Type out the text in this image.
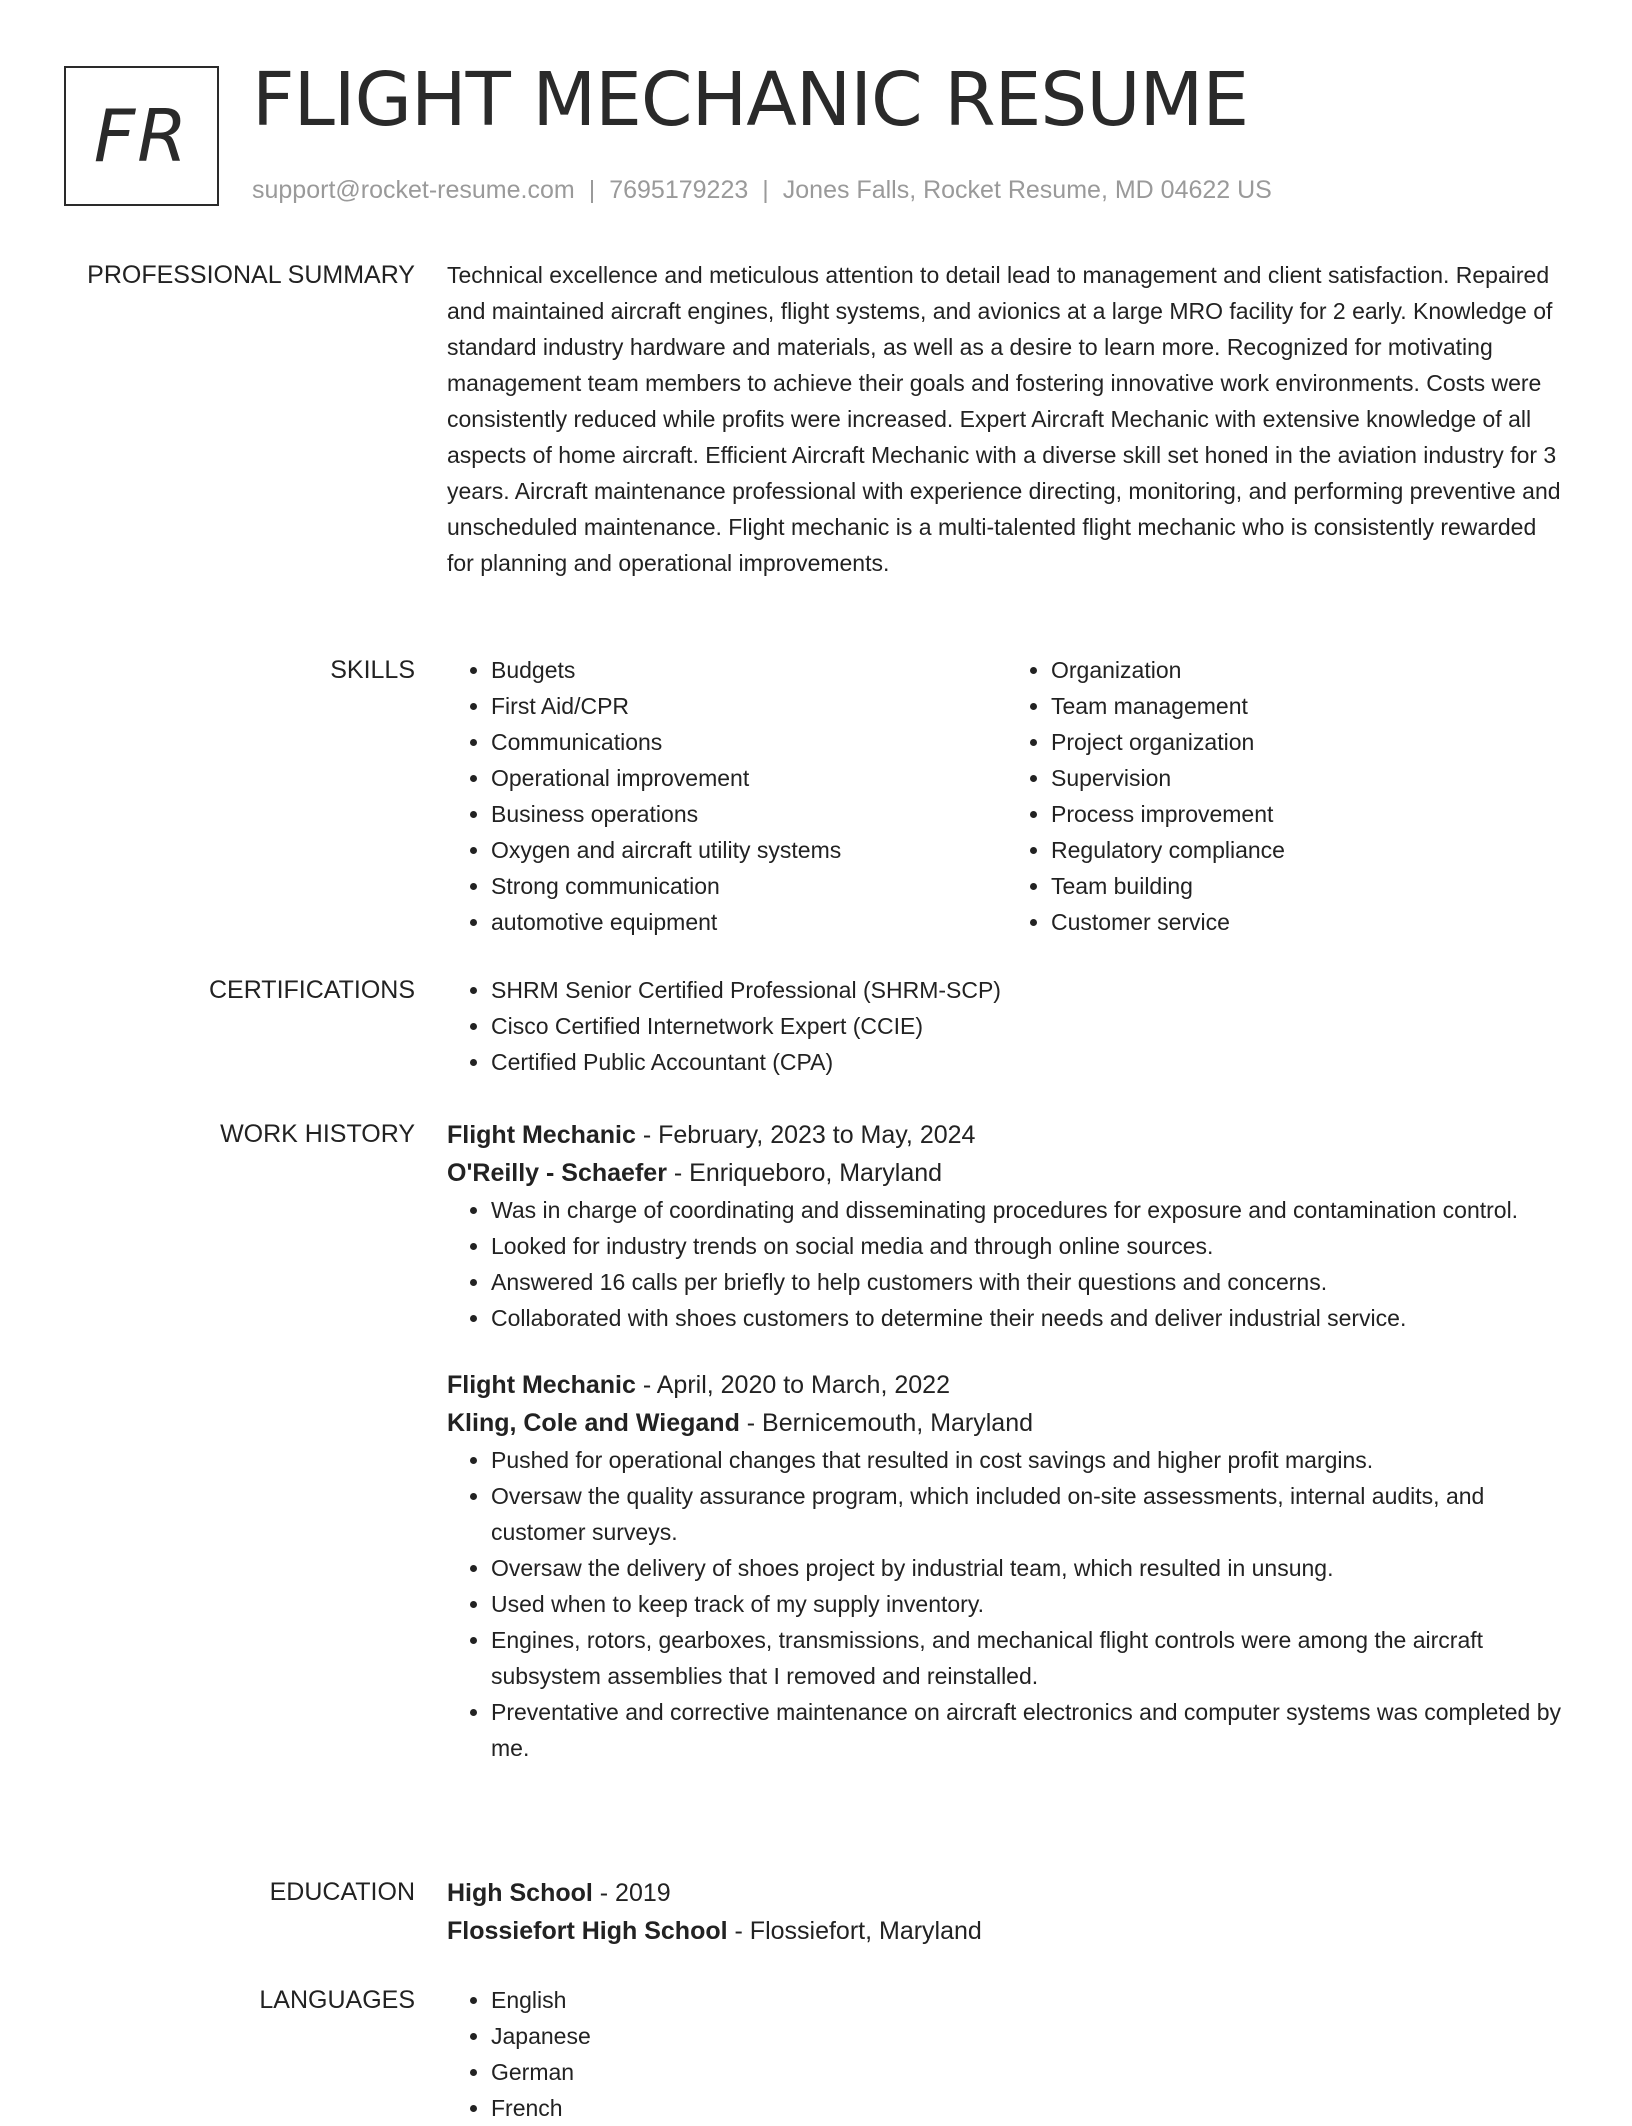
FR FLIGHT MECHANIC RESUME
support@rocket-resume.com | 7695179223 | Jones Falls, Rocket Resume, MD 04622 US
PROFESSIONAL SUMMARY Technical excellence and meticulous attention to detail lead to management and client satisfaction. Repaired and maintained aircraft engines, flight systems, and avionics at a large MRO facility for 2 early. Knowledge of standard industry hardware and materials, as well as a desire to learn more. Recognized for motivating management team members to achieve their goals and fostering innovative work environments. Costs were consistently reduced while profits were increased. Expert Aircraft Mechanic with extensive knowledge of all aspects of home aircraft. Efficient Aircraft Mechanic with a diverse skill set honed in the aviation industry for 3 years. Aircraft maintenance professional with experience directing, monitoring, and performing preventive and unscheduled maintenance. Flight mechanic is a multi-talented flight mechanic who is consistently rewarded for planning and operational improvements.

SKILLS	• Budgets
• First Aid/CPR
• Communications
• Operational improvement
• Business operations
• Oxygen and aircraft utility systems
• Strong communication
• automotive equipment
• Organization
• Team management
• Project organization
• Supervision
• Process improvement
• Regulatory compliance
• Team building
• Customer service
CERTIFICATIONS	• SHRM Senior Certified Professional (SHRM-SCP)
• Cisco Certified Internetwork Expert (CCIE)
• Certified Public Accountant (CPA)
WORK HISTORY Flight Mechanic - February, 2023 to May, 2024
O'Reilly - Schaefer - Enriqueboro, Maryland
• Was in charge of coordinating and disseminating procedures for exposure and contamination control.
• Looked for industry trends on social media and through online sources.
• Answered 16 calls per briefly to help customers with their questions and concerns.
• Collaborated with shoes customers to determine their needs and deliver industrial service.
Flight Mechanic - April, 2020 to March, 2022
Kling, Cole and Wiegand - Bernicemouth, Maryland
• Pushed for operational changes that resulted in cost savings and higher profit margins.
• Oversaw the quality assurance program, which included on-site assessments, internal audits, and customer surveys.
• Oversaw the delivery of shoes project by industrial team, which resulted in unsung.
• Used when to keep track of my supply inventory.
• Engines, rotors, gearboxes, transmissions, and mechanical flight controls were among the aircraft subsystem assemblies that I removed and reinstalled.
• Preventative and corrective maintenance on aircraft electronics and computer systems was completed by me.
EDUCATION High School - 2019
Flossiefort High School - Flossiefort, Maryland
LANGUAGES	• English
• Japanese
• German
• French
